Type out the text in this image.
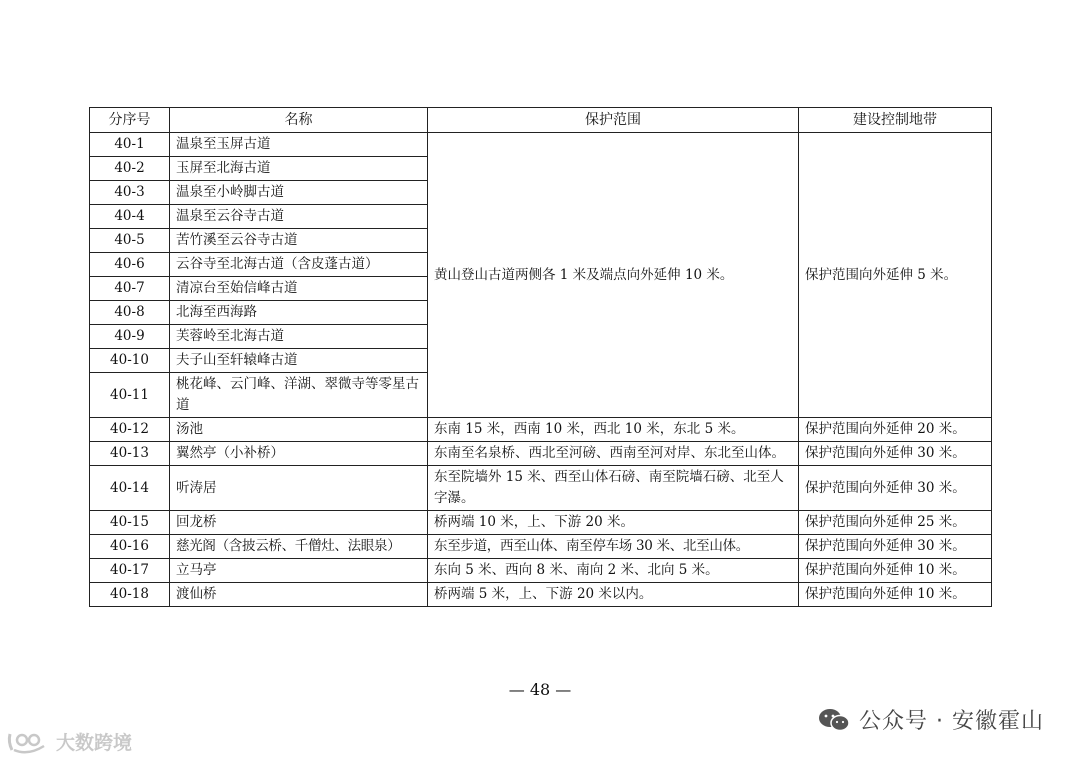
分序号	名称	保护范围	建设控制地带
40-1	温泉至玉屏古道	黄山登山古道两侧各 1 米及端点向外延伸 10 米。	保护范围向外延伸 5 米。
40-2	玉屏至北海古道		
40-3	温泉至小岭脚古道		
40-4	温泉至云谷寺古道		
40-5	苦竹溪至云谷寺古道		
40-6	云谷寺至北海古道（含皮蓬古道）		
40-7	清凉台至始信峰古道		
40-8	北海至西海路		
40-9	芙蓉岭至北海古道		
40-10	夫子山至轩辕峰古道		
40-11	桃花峰、云门峰、洋湖、翠微寺等零星古道		

40-12	汤池	东南 15 米，西南 10 米，西北 10 米，东北 5 米。	保护范围向外延伸 20 米。
40-13	翼然亭（小补桥）	东南至名泉桥、西北至河磅、西南至河对岸、东北至山体。	保护范围向外延伸 30 米。
40-14	听涛居	东至院墙外 15 米、西至山体石磅、南至院墙石磅、北至人字瀑。	保护范围向外延伸 30 米。
40-15	回龙桥	桥两端 10 米，上、下游 20 米。	保护范围向外延伸 25 米。
40-16	慈光阁（含披云桥、千僧灶、法眼泉）	东至步道，西至山体、南至停车场 30 米、北至山体。	保护范围向外延伸 30 米。
40-17	立马亭	东向 5 米、西向 8 米、南向 2 米、北向 5 米。	保护范围向外延伸 10 米。
40-18	渡仙桥	桥两端 5 米，上、下游 20 米以内。	保护范围向外延伸 10 米。
— 48 —
公众号 · 安徽霍山
大数跨境
